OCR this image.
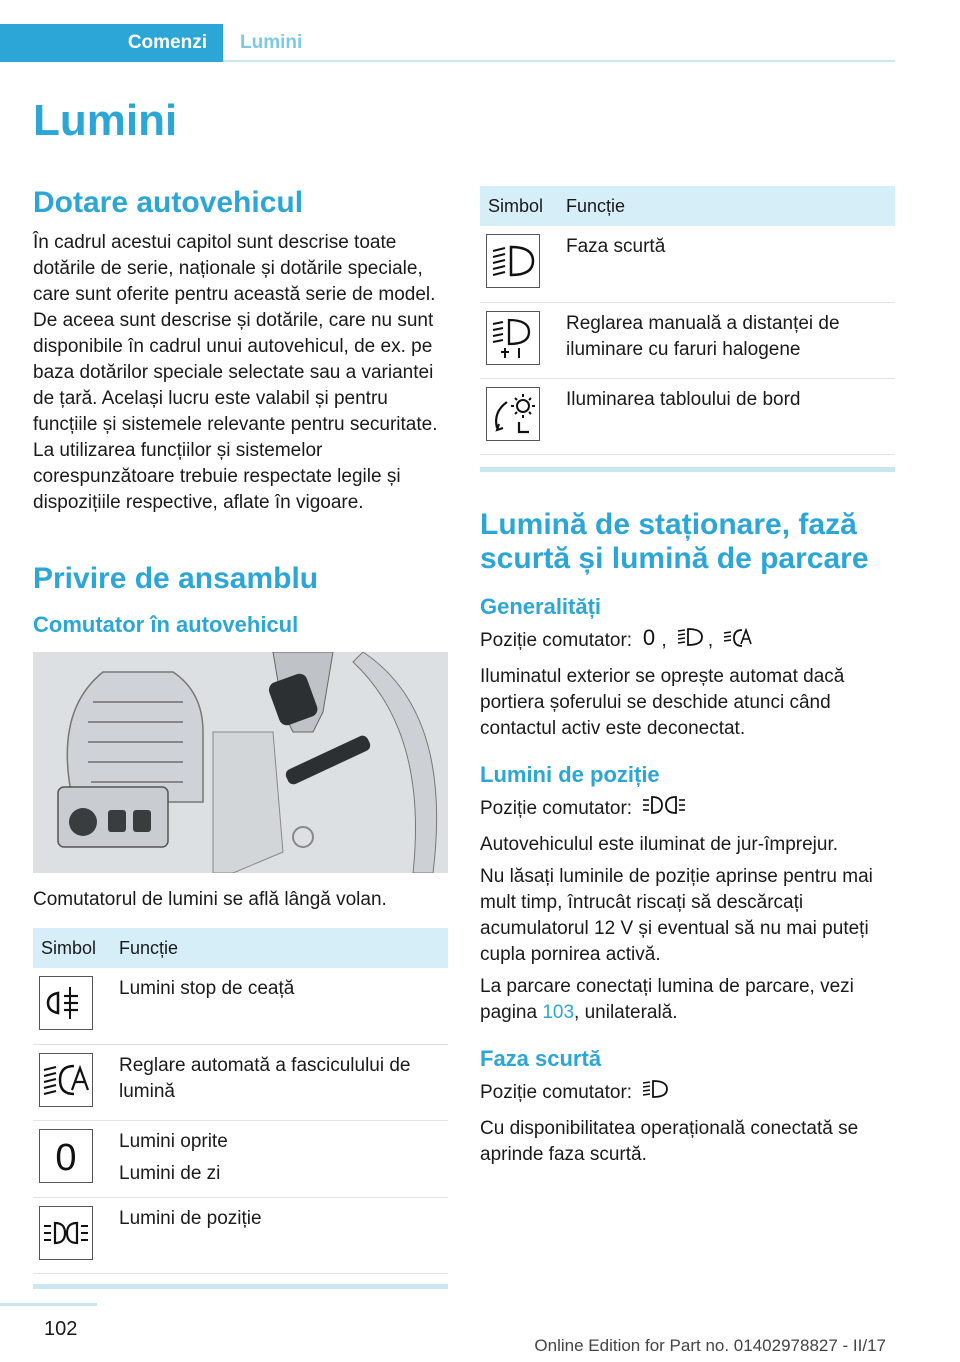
Comenzi	Lumini
Lumini
Dotare autovehicul

În cadrul acestui capitol sunt descrise toate dotările de serie, naționale și dotările speciale, care sunt oferite pentru această serie de model. De aceea sunt descrise și dotările, care nu sunt disponibile în cadrul unui autovehicul, de ex. pe baza dotărilor speciale selectate sau a variantei de țară. Același lucru este valabil și pentru funcțiile și sistemele relevante pentru securitate. La utilizarea funcțiilor și sistemelor corespunzătoare trebuie respectate legile și dispozițiile respective, aflate în vigoare.

Privire de ansamblu
Comutator în autovehicul

Comutatorul de lumini se află lângă volan.

Simbol	Funcție

	Lumini stop de ceață

	Reglare automată a fasciculului de lumină

0	Lumini oprite
Lumini de zi

	Lumini de poziție
Simbol	Funcție

	Faza scurtă

	Reglarea manuală a distanței de iluminare cu faruri halogene

	Iluminarea tabloului de bord
Lumină de staționare, fază scurtă și lumină de parcare
Generalități

Poziție comutator: 0 , ,

Iluminatul exterior se oprește automat dacă portiera șoferului se deschide atunci când contactul activ este deconectat.

Lumini de poziție

Poziție comutator:

Autovehiculul este iluminat de jur-împrejur.

Nu lăsați luminile de poziție aprinse pentru mai mult timp, întrucât riscați să descărcați acumulatorul 12 V și eventual să nu mai puteți cupla pornirea activă.

La parcare conectați lumina de parcare, vezi pagina 103, unilaterală.

Faza scurtă

Poziție comutator:

Cu disponibilitatea operațională conectată se aprinde faza scurtă.

102
Online Edition for Part no. 01402978827 - II/17
